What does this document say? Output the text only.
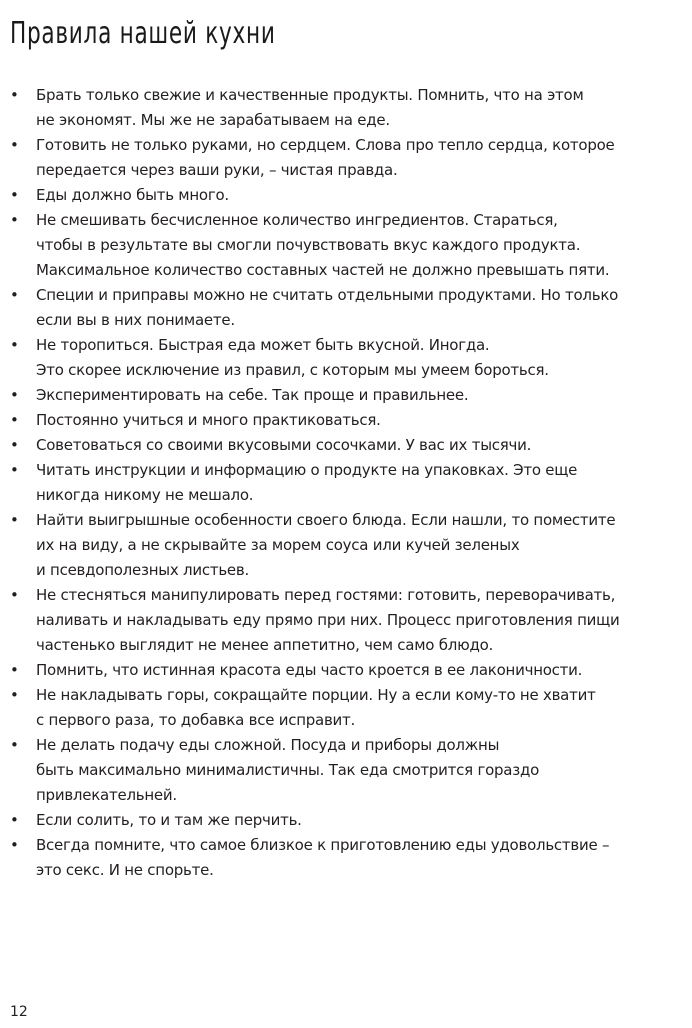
Правила нашей кухни
• Брать только свежие и качественные продукты. Помнить, что на этом
не экономят. Мы же не зарабатываем на еде.
• Готовить не только руками, но сердцем. Слова про тепло сердца, которое
передается через ваши руки, – чистая правда.
• Еды должно быть много.
• Не смешивать бесчисленное количество ингредиентов. Стараться,
чтобы в результате вы смогли почувствовать вкус каждого продукта.
Максимальное количество составных частей не должно превышать пяти.
• Специи и приправы можно не считать отдельными продуктами. Но только
если вы в них понимаете.
• Не торопиться. Быстрая еда может быть вкусной. Иногда.
Это скорее исключение из правил, с которым мы умеем бороться.
• Экспериментировать на себе. Так проще и правильнее.
• Постоянно учиться и много практиковаться.
• Советоваться со своими вкусовыми сосочками. У вас их тысячи.
• Читать инструкции и информацию о продукте на упаковках. Это еще
никогда никому не мешало.
• Найти выигрышные особенности своего блюда. Если нашли, то поместите
их на виду, а не скрывайте за морем соуса или кучей зеленых
и псевдополезных листьев.
• Не стесняться манипулировать перед гостями: готовить, переворачивать,
наливать и накладывать еду прямо при них. Процесс приготовления пищи
частенько выглядит не менее аппетитно, чем само блюдо.
• Помнить, что истинная красота еды часто кроется в ее лаконичности.
• Не накладывать горы, сокращайте порции. Ну а если кому-то не хватит
с первого раза, то добавка все исправит.
• Не делать подачу еды сложной. Посуда и приборы должны
быть максимально минималистичны. Так еда смотрится гораздо
привлекательней.
• Если солить, то и там же перчить.
• Всегда помните, что самое близкое к приготовлению еды удовольствие –
это секс. И не спорьте.
12
